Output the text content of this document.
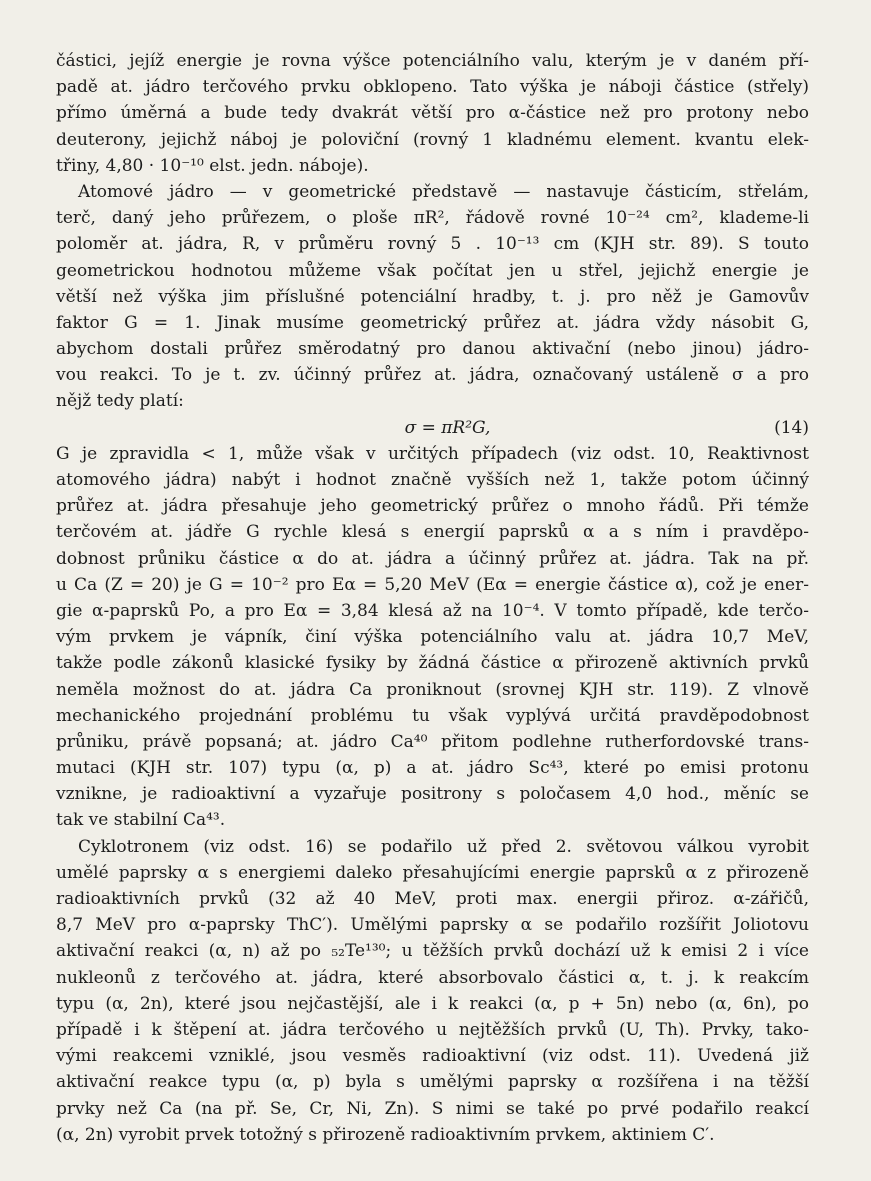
částici, jejíž energie je rovna výšce potenciálního valu, kterým je v daném pří-
padě at. jádro terčového prvku obklopeno. Tato výška je náboji částice (střely)
přímo úměrná a bude tedy dvakrát větší pro α-částice než pro protony nebo
deuterony, jejichž náboj je poloviční (rovný 1 kladnému element. kvantu elek-
třiny, 4,80 · 10⁻¹⁰ elst. jedn. náboje).
Atomové jádro — v geometrické představě — nastavuje částicím, střelám,
terč, daný jeho průřezem, o ploše πR², řádově rovné 10⁻²⁴ cm², klademe-li
poloměr at. jádra, R, v průměru rovný 5 . 10⁻¹³ cm (KJH str. 89). S touto
geometrickou hodnotou můžeme však počítat jen u střel, jejichž energie je
větší než výška jim příslušné potenciální hradby, t. j. pro něž je Gamovův
faktor G = 1. Jinak musíme geometrický průřez at. jádra vždy násobit G,
abychom dostali průřez směrodatný pro danou aktivační (nebo jinou) jádro-
vou reakci. To je t. zv. účinný průřez at. jádra, označovaný ustáleně σ a pro
nějž tedy platí:
σ = πR²G,	(14)
G je zpravidla < 1, může však v určitých případech (viz odst. 10, Reaktivnost
atomového jádra) nabýt i hodnot značně vyšších než 1, takže potom účinný
průřez at. jádra přesahuje jeho geometrický průřez o mnoho řádů. Při témže
terčovém at. jádře G rychle klesá s energií paprsků α a s ním i pravděpo-
dobnost průniku částice α do at. jádra a účinný průřez at. jádra. Tak na př.
u Ca (Z = 20) je G = 10⁻² pro Eα = 5,20 MeV (Eα = energie částice α), což je ener-
gie α-paprsků Po, a pro Eα = 3,84 klesá až na 10⁻⁴. V tomto případě, kde terčo-
vým prvkem je vápník, činí výška potenciálního valu at. jádra 10,7 MeV,
takže podle zákonů klasické fysiky by žádná částice α přirozeně aktivních prvků
neměla možnost do at. jádra Ca proniknout (srovnej KJH str. 119). Z vlnově
mechanického projednání problému tu však vyplývá určitá pravděpodobnost
průniku, právě popsaná; at. jádro Ca⁴⁰ přitom podlehne rutherfordovské trans-
mutaci (KJH str. 107) typu (α, p) a at. jádro Sc⁴³, které po emisi protonu
vznikne, je radioaktivní a vyzařuje positrony s poločasem 4,0 hod., měníc se
tak ve stabilní Ca⁴³.
Cyklotronem (viz odst. 16) se podařilo už před 2. světovou válkou vyrobit
umělé paprsky α s energiemi daleko přesahujícími energie paprsků α z přirozeně
radioaktivních prvků (32 až 40 MeV, proti max. energii přiroz. α-zářičů,
8,7 MeV pro α-paprsky ThC′). Umělými paprsky α se podařilo rozšířit Joliotovu
aktivační reakci (α, n) až po ₅₂Te¹³⁰; u těžších prvků dochází už k emisi 2 i více
nukleonů z terčového at. jádra, které absorbovalo částici α, t. j. k reakcím
typu (α, 2n), které jsou nejčastější, ale i k reakci (α, p + 5n) nebo (α, 6n), po
případě i k štěpení at. jádra terčového u nejtěžších prvků (U, Th). Prvky, tako-
vými reakcemi vzniklé, jsou vesměs radioaktivní (viz odst. 11). Uvedená již
aktivační reakce typu (α, p) byla s umělými paprsky α rozšířena i na těžší
prvky než Ca (na př. Se, Cr, Ni, Zn). S nimi se také po prvé podařilo reakcí
(α, 2n) vyrobit prvek totožný s přirozeně radioaktivním prvkem, aktiniem C′.
